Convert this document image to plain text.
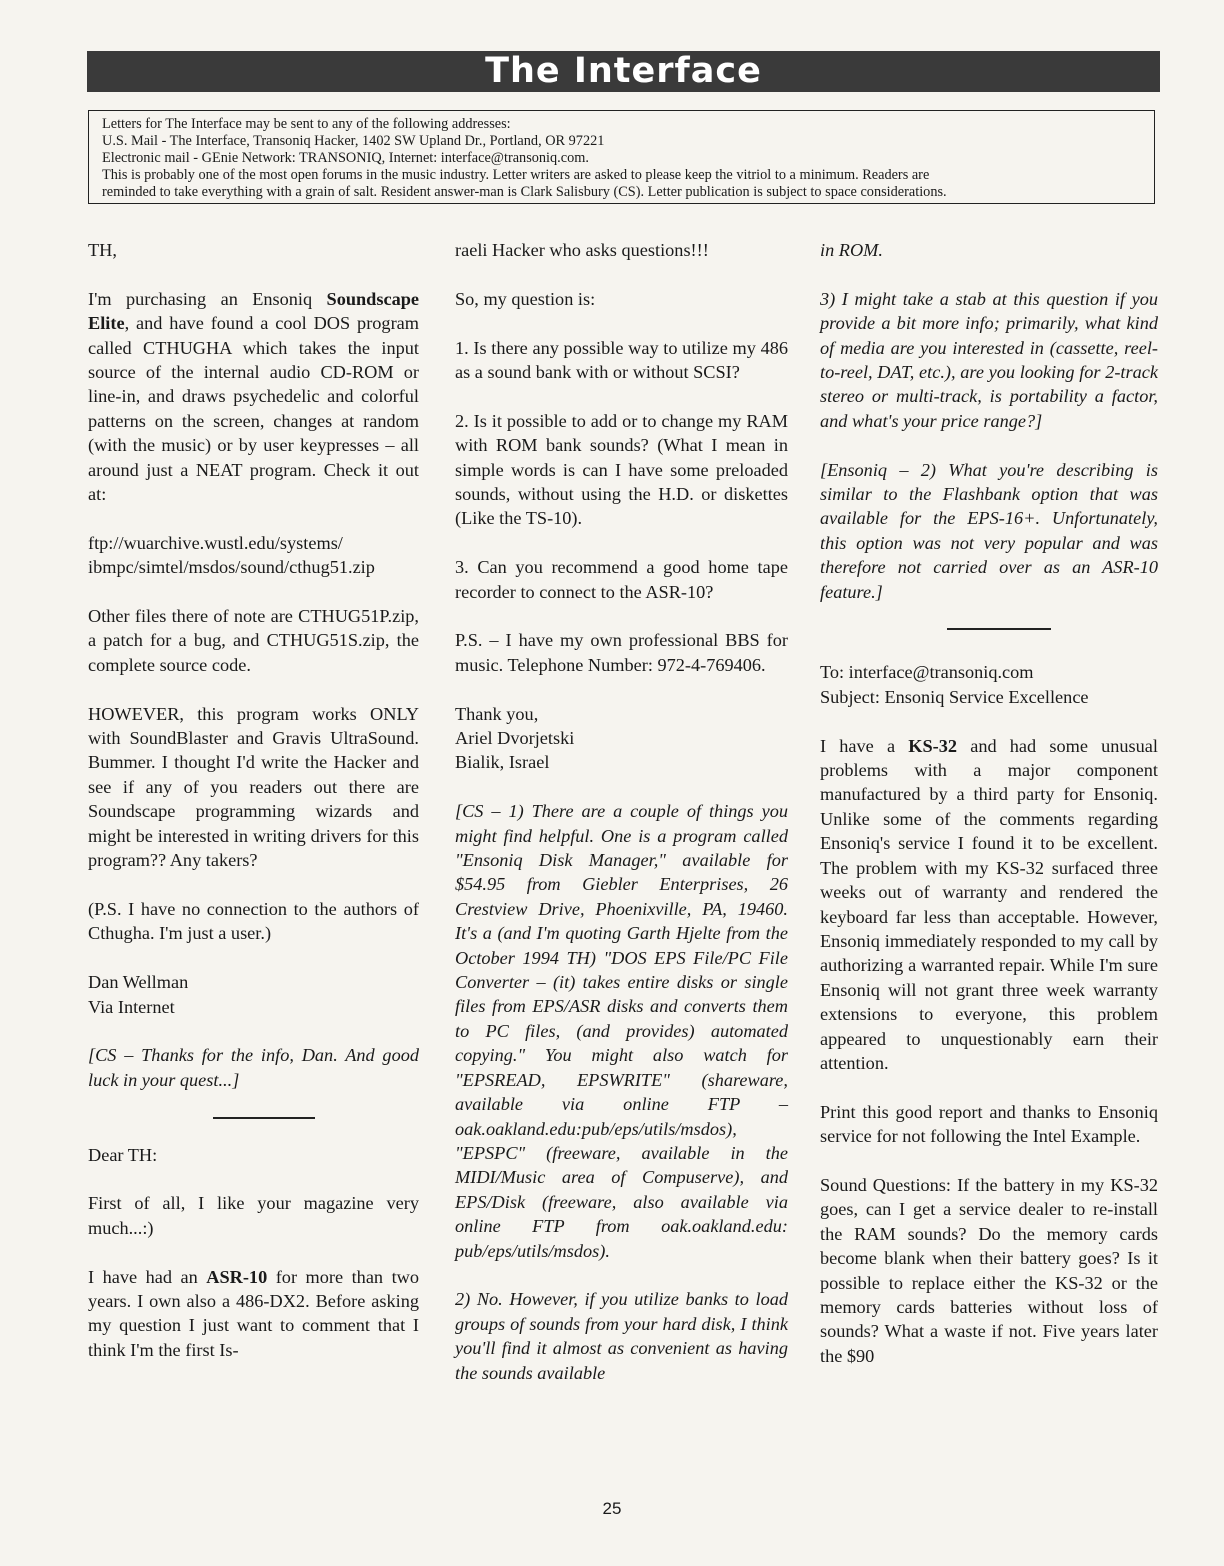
The Interface
Letters for The Interface may be sent to any of the following addresses:
U.S. Mail - The Interface, Transoniq Hacker, 1402 SW Upland Dr., Portland, OR 97221
Electronic mail - GEnie Network: TRANSONIQ, Internet: interface@transoniq.com.
This is probably one of the most open forums in the music industry. Letter writers are asked to please keep the vitriol to a minimum. Readers are
reminded to take everything with a grain of salt. Resident answer-man is Clark Salisbury (CS). Letter publication is subject to space considerations.

TH,

I'm purchasing an Ensoniq Soundscape Elite, and have found a cool DOS program called CTHUGHA which takes the input source of the internal audio CD-ROM or line-in, and draws psychedelic and colorful patterns on the screen, changes at random (with the music) or by user keypresses – all around just a NEAT program. Check it out at:

ftp://wuarchive.wustl.edu/systems/
ibmpc/simtel/msdos/sound/cthug51.zip

Other files there of note are CTHUG51P.zip, a patch for a bug, and CTHUG51S.zip, the complete source code.

HOWEVER, this program works ONLY with SoundBlaster and Gravis UltraSound. Bummer. I thought I'd write the Hacker and see if any of you readers out there are Soundscape programming wizards and might be interested in writing drivers for this program?? Any takers?

(P.S. I have no connection to the authors of Cthugha. I'm just a user.)

Dan Wellman
Via Internet

[CS – Thanks for the info, Dan. And good luck in your quest...]

Dear TH:

First of all, I like your magazine very much...:)

I have had an ASR-10 for more than two years. I own also a 486-DX2. Before asking my question I just want to comment that I think I'm the first Is-

raeli Hacker who asks questions!!!

So, my question is:

1. Is there any possible way to utilize my 486 as a sound bank with or without SCSI?

2. Is it possible to add or to change my RAM with ROM bank sounds? (What I mean in simple words is can I have some preloaded sounds, without using the H.D. or diskettes (Like the TS-10).

3. Can you recommend a good home tape recorder to connect to the ASR-10?

P.S. – I have my own professional BBS for music. Telephone Number: 972-4-769406.

Thank you,
Ariel Dvorjetski
Bialik, Israel

[CS – 1) There are a couple of things you might find helpful. One is a program called "Ensoniq Disk Manager," available for $54.95 from Giebler Enterprises, 26 Crestview Drive, Phoenixville, PA, 19460. It's a (and I'm quoting Garth Hjelte from the October 1994 TH) "DOS EPS File/PC File Converter – (it) takes entire disks or single files from EPS/ASR disks and converts them to PC files, (and provides) automated copying." You might also watch for "EPSREAD, EPSWRITE" (shareware, available via online FTP – oak.oakland.edu:pub/eps/utils/msdos), "EPSPC" (freeware, available in the MIDI/Music area of Compuserve), and EPS/Disk (freeware, also available via online FTP from oak.oakland.edu: pub/eps/utils/msdos).

2) No. However, if you utilize banks to load groups of sounds from your hard disk, I think you'll find it almost as convenient as having the sounds available

in ROM.

3) I might take a stab at this question if you provide a bit more info; primarily, what kind of media are you interested in (cassette, reel-to-reel, DAT, etc.), are you looking for 2-track stereo or multi-track, is portability a factor, and what's your price range?]

[Ensoniq – 2) What you're describing is similar to the Flashbank option that was available for the EPS-16+. Unfortunately, this option was not very popular and was therefore not carried over as an ASR-10 feature.]

To: interface@transoniq.com
Subject: Ensoniq Service Excellence

I have a KS-32 and had some unusual problems with a major component manufactured by a third party for Ensoniq. Unlike some of the comments regarding Ensoniq's service I found it to be excellent. The problem with my KS-32 surfaced three weeks out of warranty and rendered the keyboard far less than acceptable. However, Ensoniq immediately responded to my call by authorizing a warranted repair. While I'm sure Ensoniq will not grant three week warranty extensions to everyone, this problem appeared to unquestionably earn their attention.

Print this good report and thanks to Ensoniq service for not following the Intel Example.

Sound Questions: If the battery in my KS-32 goes, can I get a service dealer to re-install the RAM sounds? Do the memory cards become blank when their battery goes? Is it possible to replace either the KS-32 or the memory cards batteries without loss of sounds? What a waste if not. Five years later the $90

25
